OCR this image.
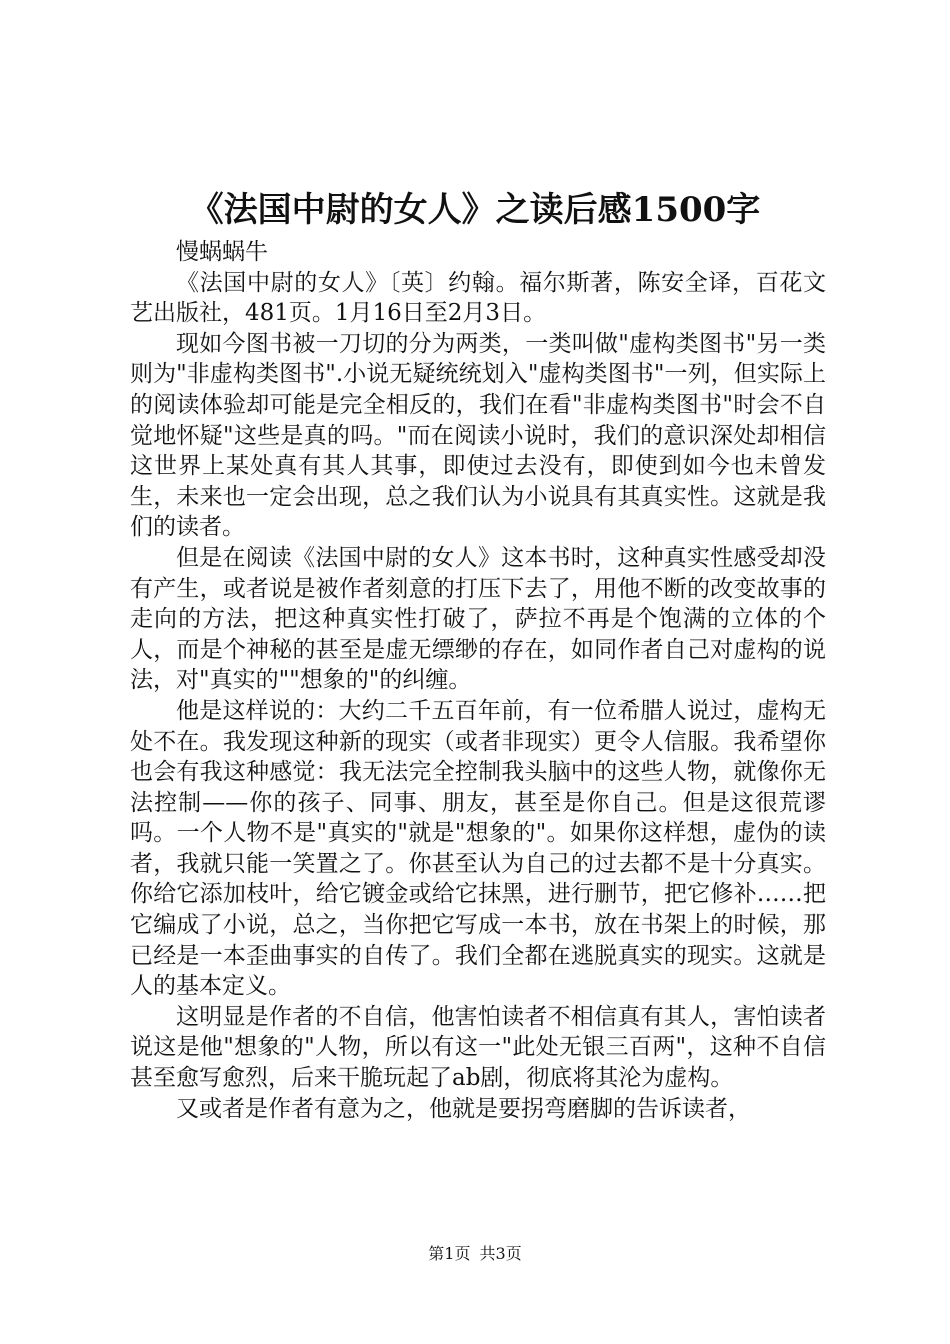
《法国中尉的女人》之读后感1500字

慢蜗蜗牛

《法国中尉的女人》〔英〕约翰。福尔斯著，陈安全译，百花文艺出版社，481页。1月16日至2月3日。

现如今图书被一刀切的分为两类，一类叫做"虚构类图书"另一类则为"非虚构类图书".小说无疑统统划入"虚构类图书"一列，但实际上的阅读体验却可能是完全相反的，我们在看"非虚构类图书"时会不自觉地怀疑"这些是真的吗。"而在阅读小说时，我们的意识深处却相信这世界上某处真有其人其事，即使过去没有，即使到如今也未曾发生，未来也一定会出现，总之我们认为小说具有其真实性。这就是我们的读者。

但是在阅读《法国中尉的女人》这本书时，这种真实性感受却没有产生，或者说是被作者刻意的打压下去了，用他不断的改变故事的走向的方法，把这种真实性打破了，萨拉不再是个饱满的立体的个人，而是个神秘的甚至是虚无缥缈的存在，如同作者自己对虚构的说法，对"真实的""想象的"的纠缠。

他是这样说的：大约二千五百年前，有一位希腊人说过，虚构无处不在。我发现这种新的现实（或者非现实）更令人信服。我希望你也会有我这种感觉：我无法完全控制我头脑中的这些人物，就像你无法控制——你的孩子、同事、朋友，甚至是你自己。但是这很荒谬吗。一个人物不是"真实的"就是"想象的"。如果你这样想，虚伪的读者，我就只能一笑置之了。你甚至认为自己的过去都不是十分真实。你给它添加枝叶，给它镀金或给它抹黑，进行删节，把它修补……把它编成了小说，总之，当你把它写成一本书，放在书架上的时候，那已经是一本歪曲事实的自传了。我们全都在逃脱真实的现实。这就是人的基本定义。

这明显是作者的不自信，他害怕读者不相信真有其人，害怕读者说这是他"想象的"人物，所以有这一"此处无银三百两"，这种不自信甚至愈写愈烈，后来干脆玩起了ab剧，彻底将其沦为虚构。

又或者是作者有意为之，他就是要拐弯磨脚的告诉读者，

第1页 共3页
